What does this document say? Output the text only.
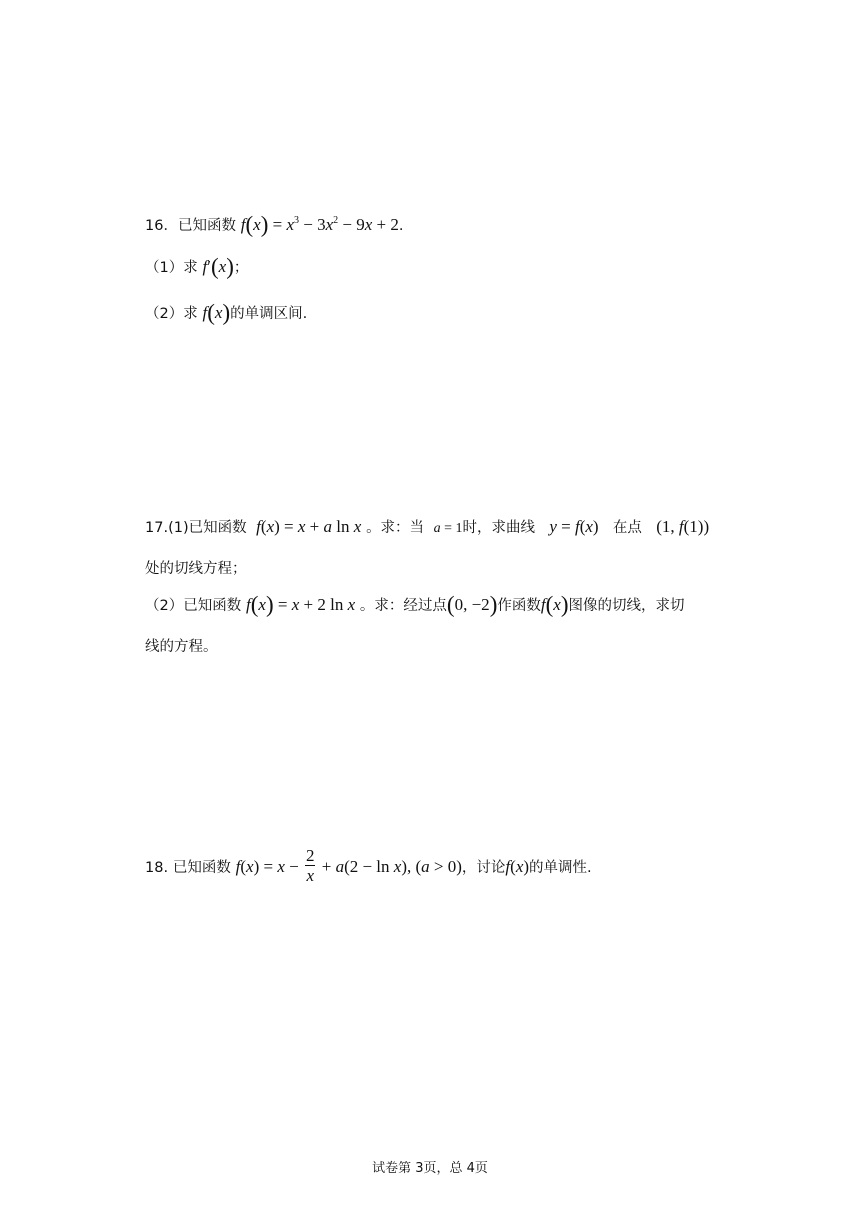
16．已知函数 $f(x) = x^3 - 3x^2 - 9x + 2$.
（1）求 f′(x)；
（2）求 f(x)的单调区间.
17.(1)已知函数 f(x) = x + a ln x 。求：当 a = 1时，求曲线 y = f(x) 在点 (1, f(1))
处的切线方程；
（2）已知函数 f(x) = x + 2 ln x 。求：经过点(0, −2)作函数f(x)图像的切线，求切
线的方程。
18. 已知函数 $f(x) = x - \frac{2}{x} + a(2 - \ln x)$, (a > 0)，讨论f(x)的单调性.
试卷第 3页，总 4页
